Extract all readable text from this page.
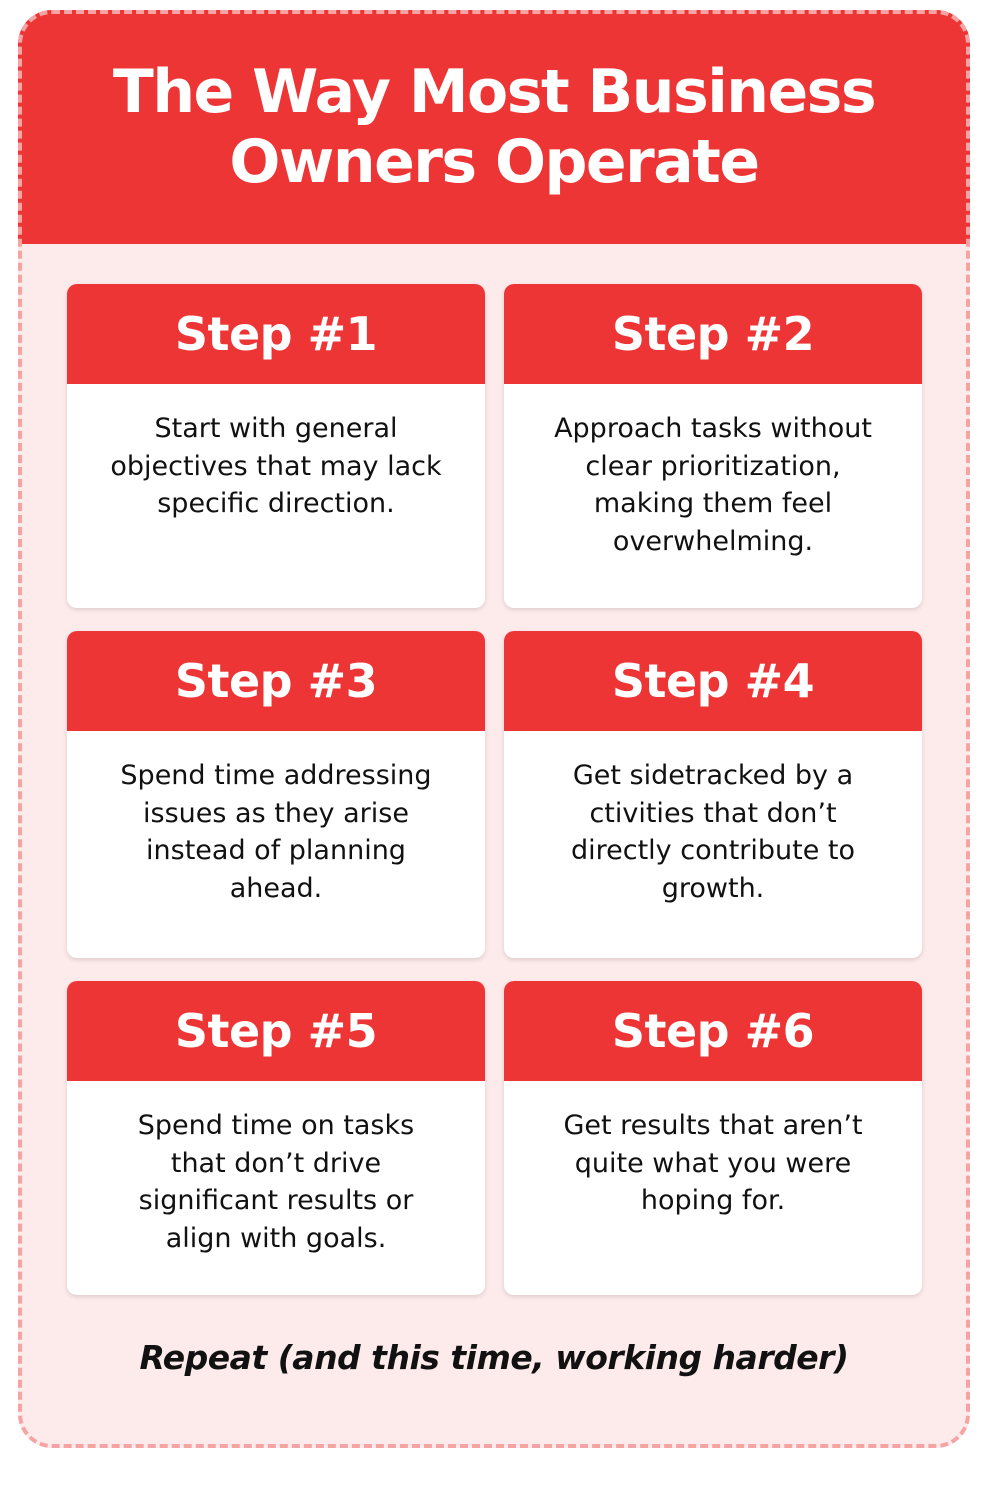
The Way Most Business Owners Operate
Step #1
Start with general objectives that may lack specific direction.
Step #2
Approach tasks without clear prioritization, making them feel overwhelming.
Step #3
Spend time addressing issues as they arise instead of planning ahead.
Step #4
Get sidetracked by a ctivities that don’t directly contribute to growth.
Step #5
Spend time on tasks that don’t drive significant results or align with goals.
Step #6
Get results that aren’t quite what you were hoping for.
Repeat (and this time, working harder)
